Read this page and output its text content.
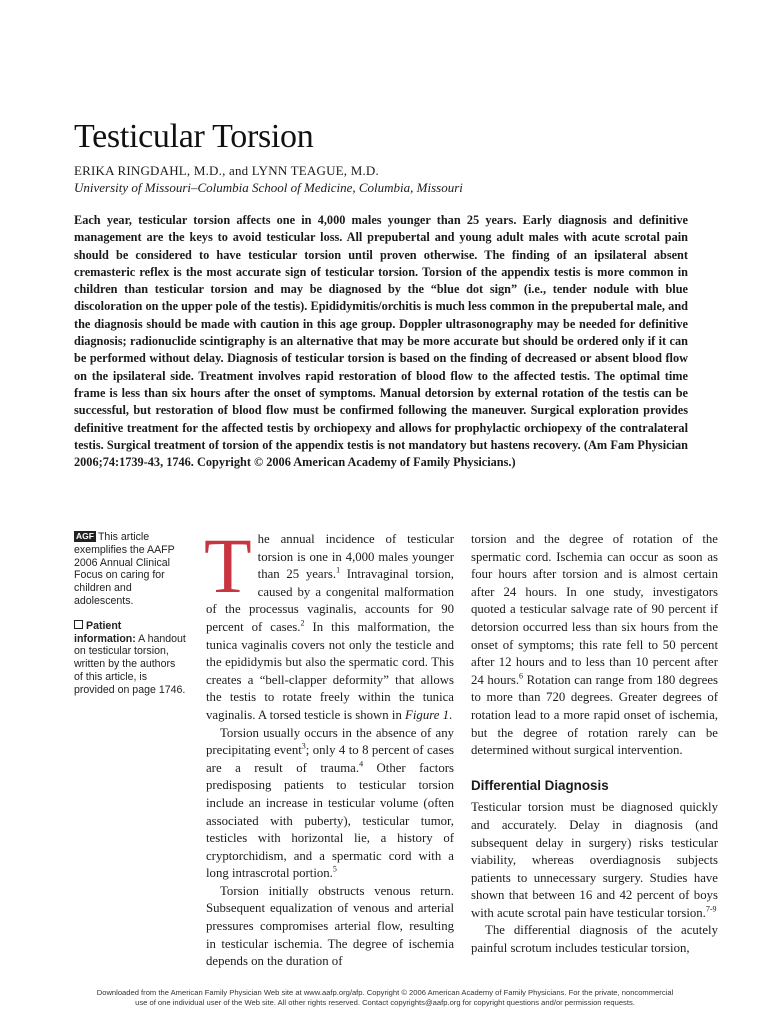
Testicular Torsion
ERIKA RINGDAHL, M.D., and LYNN TEAGUE, M.D.
University of Missouri–Columbia School of Medicine, Columbia, Missouri
Each year, testicular torsion affects one in 4,000 males younger than 25 years. Early diagnosis and definitive management are the keys to avoid testicular loss. All prepubertal and young adult males with acute scrotal pain should be considered to have testicular torsion until proven otherwise. The finding of an ipsilateral absent cremasteric reflex is the most accurate sign of testicular torsion. Torsion of the appendix testis is more common in children than testicular torsion and may be diagnosed by the “blue dot sign” (i.e., tender nodule with blue discoloration on the upper pole of the testis). Epididymitis/orchitis is much less common in the prepubertal male, and the diagnosis should be made with caution in this age group. Doppler ultrasonography may be needed for definitive diagnosis; radionuclide scintigraphy is an alternative that may be more accurate but should be ordered only if it can be performed without delay. Diagnosis of testicular torsion is based on the finding of decreased or absent blood flow on the ipsilateral side. Treatment involves rapid restoration of blood flow to the affected testis. The optimal time frame is less than six hours after the onset of symptoms. Manual detorsion by external rotation of the testis can be successful, but restoration of blood flow must be confirmed following the maneuver. Surgical exploration provides definitive treatment for the affected testis by orchiopexy and allows for prophylactic orchiopexy of the contralateral testis. Surgical treatment of torsion of the appendix testis is not mandatory but hastens recovery. (Am Fam Physician 2006;74:1739-43, 1746. Copyright © 2006 American Academy of Family Physicians.)
AGF This article exemplifies the AAFP 2006 Annual Clinical Focus on caring for children and adolescents.
Patient information: A handout on testicular torsion, written by the authors of this article, is provided on page 1746.

The annual incidence of testicular torsion is one in 4,000 males younger than 25 years.$^1$ Intravaginal torsion, caused by a congenital malformation of the processus vaginalis, accounts for 90 percent of cases.$^2$ In this malformation, the tunica vaginalis covers not only the testicle and the epididymis but also the spermatic cord. This creates a “bell-clapper deformity” that allows the testis to rotate freely within the tunica vaginalis. A torsed testicle is shown in Figure 1.

Torsion usually occurs in the absence of any precipitating event$^3$; only 4 to 8 percent of cases are a result of trauma.$^4$ Other factors predisposing patients to testicular torsion include an increase in testicular volume (often associated with puberty), testicular tumor, testicles with horizontal lie, a history of cryptorchidism, and a spermatic cord with a long intrascrotal portion.$^5$

Torsion initially obstructs venous return. Subsequent equalization of venous and arterial pressures compromises arterial flow, resulting in testicular ischemia. The degree of ischemia depends on the duration of

torsion and the degree of rotation of the spermatic cord. Ischemia can occur as soon as four hours after torsion and is almost certain after 24 hours. In one study, investigators quoted a testicular salvage rate of 90 percent if detorsion occurred less than six hours from the onset of symptoms; this rate fell to 50 percent after 12 hours and to less than 10 percent after 24 hours.$^6$ Rotation can range from 180 degrees to more than 720 degrees. Greater degrees of rotation lead to a more rapid onset of ischemia, but the degree of rotation rarely can be determined without surgical intervention.

Differential Diagnosis

Testicular torsion must be diagnosed quickly and accurately. Delay in diagnosis (and subsequent delay in surgery) risks testicular viability, whereas overdiagnosis subjects patients to unnecessary surgery. Studies have shown that between 16 and 42 percent of boys with acute scrotal pain have testicular torsion.$^{7-9}$

The differential diagnosis of the acutely painful scrotum includes testicular torsion,

Downloaded from the American Family Physician Web site at www.aafp.org/afp. Copyright © 2006 American Academy of Family Physicians. For the private, noncommercial
use of one individual user of the Web site. All other rights reserved. Contact copyrights@aafp.org for copyright questions and/or permission requests.
